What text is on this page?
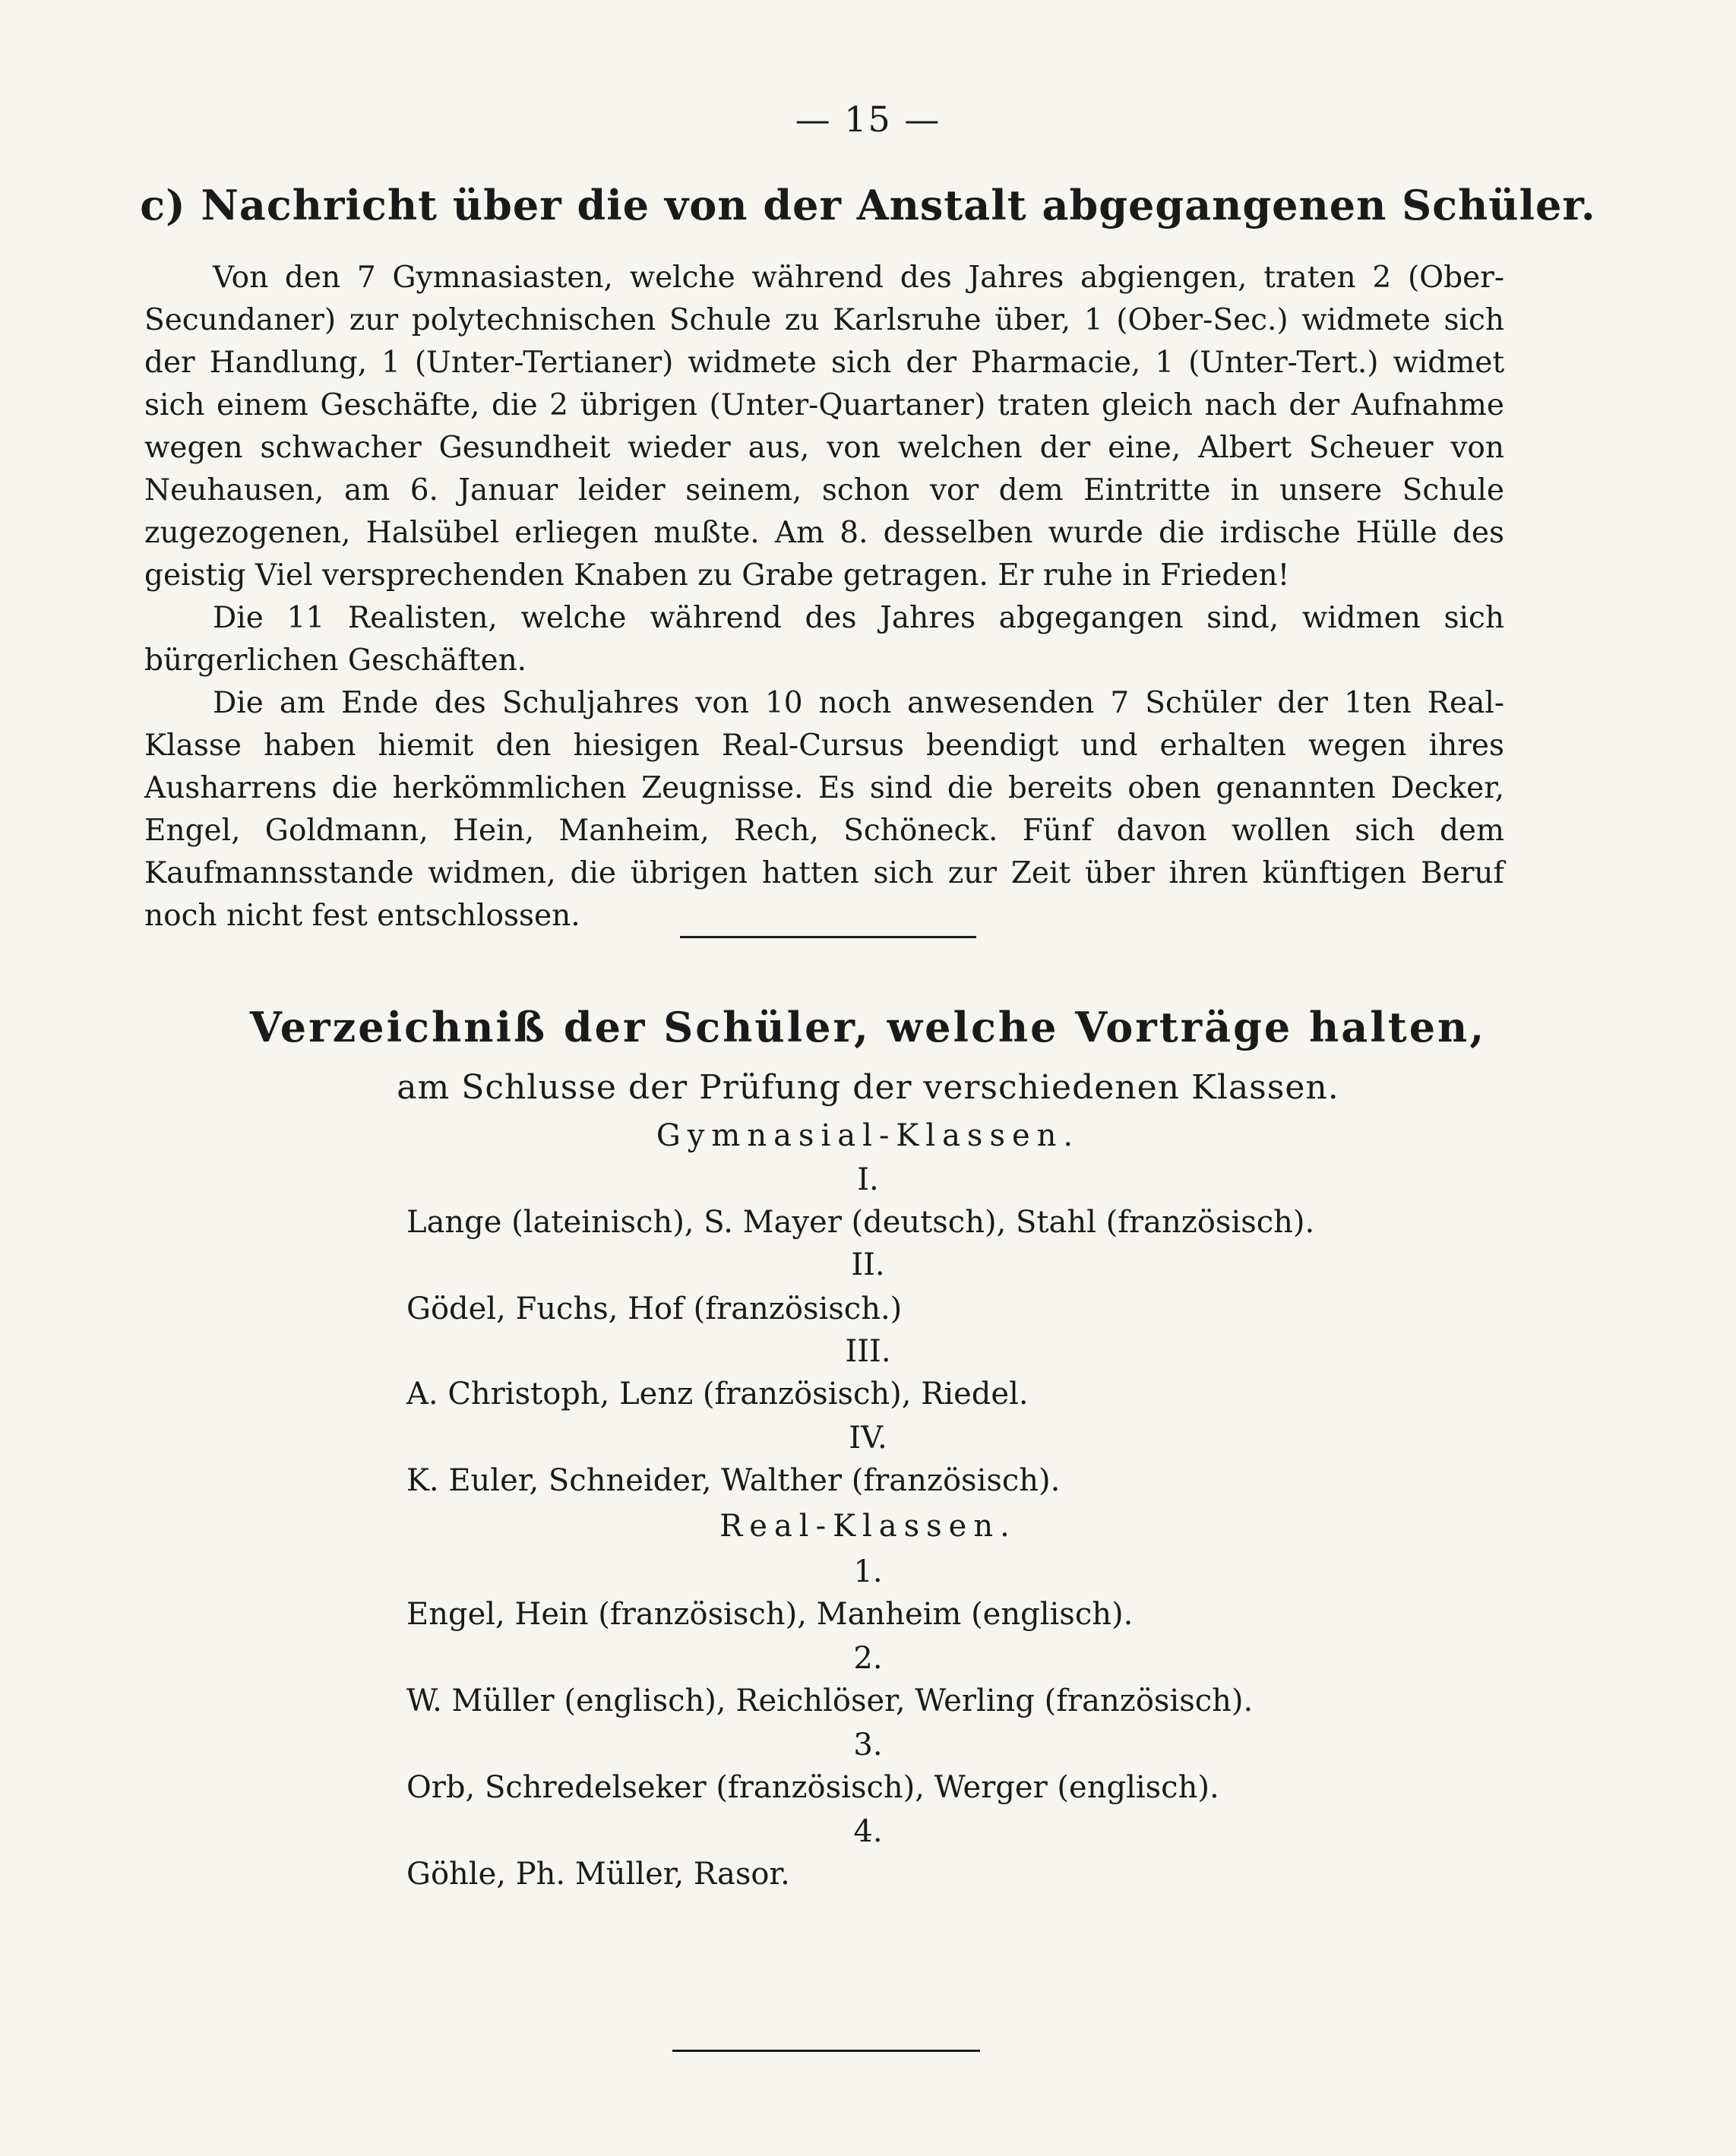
— 15 —
c) Nachricht über die von der Anstalt abgegangenen Schüler.

Von den 7 Gymnasiasten, welche während des Jahres abgiengen, traten 2 (Ober-Secundaner) zur polytechnischen Schule zu Karlsruhe über, 1 (Ober-Sec.) widmete sich der Handlung, 1 (Unter-Tertianer) widmete sich der Pharmacie, 1 (Unter-Tert.) widmet sich einem Geschäfte, die 2 übrigen (Unter-Quartaner) traten gleich nach der Aufnahme wegen schwacher Gesundheit wieder aus, von welchen der eine, Albert Scheuer von Neuhausen, am 6. Januar leider seinem, schon vor dem Eintritte in unsere Schule zugezogenen, Halsübel erliegen mußte. Am 8. desselben wurde die irdische Hülle des geistig Viel versprechenden Knaben zu Grabe getragen. Er ruhe in Frieden!

Die 11 Realisten, welche während des Jahres abgegangen sind, widmen sich bürgerlichen Geschäften.

Die am Ende des Schuljahres von 10 noch anwesenden 7 Schüler der 1ten Real-Klasse haben hiemit den hiesigen Real-Cursus beendigt und erhalten wegen ihres Ausharrens die herkömmlichen Zeugnisse. Es sind die bereits oben genannten Decker, Engel, Goldmann, Hein, Manheim, Rech, Schöneck. Fünf davon wollen sich dem Kaufmannsstande widmen, die übrigen hatten sich zur Zeit über ihren künftigen Beruf noch nicht fest entschlossen.

Verzeichniß der Schüler, welche Vorträge halten,
am Schlusse der Prüfung der verschiedenen Klassen.
Gymnasial-Klassen.
I.
Lange (lateinisch), S. Mayer (deutsch), Stahl (französisch).
II.
Gödel, Fuchs, Hof (französisch.)
III.
A. Christoph, Lenz (französisch), Riedel.
IV.
K. Euler, Schneider, Walther (französisch).
Real-Klassen.
1.
Engel, Hein (französisch), Manheim (englisch).
2.
W. Müller (englisch), Reichlöser, Werling (französisch).
3.
Orb, Schredelseker (französisch), Werger (englisch).
4.
Göhle, Ph. Müller, Rasor.
